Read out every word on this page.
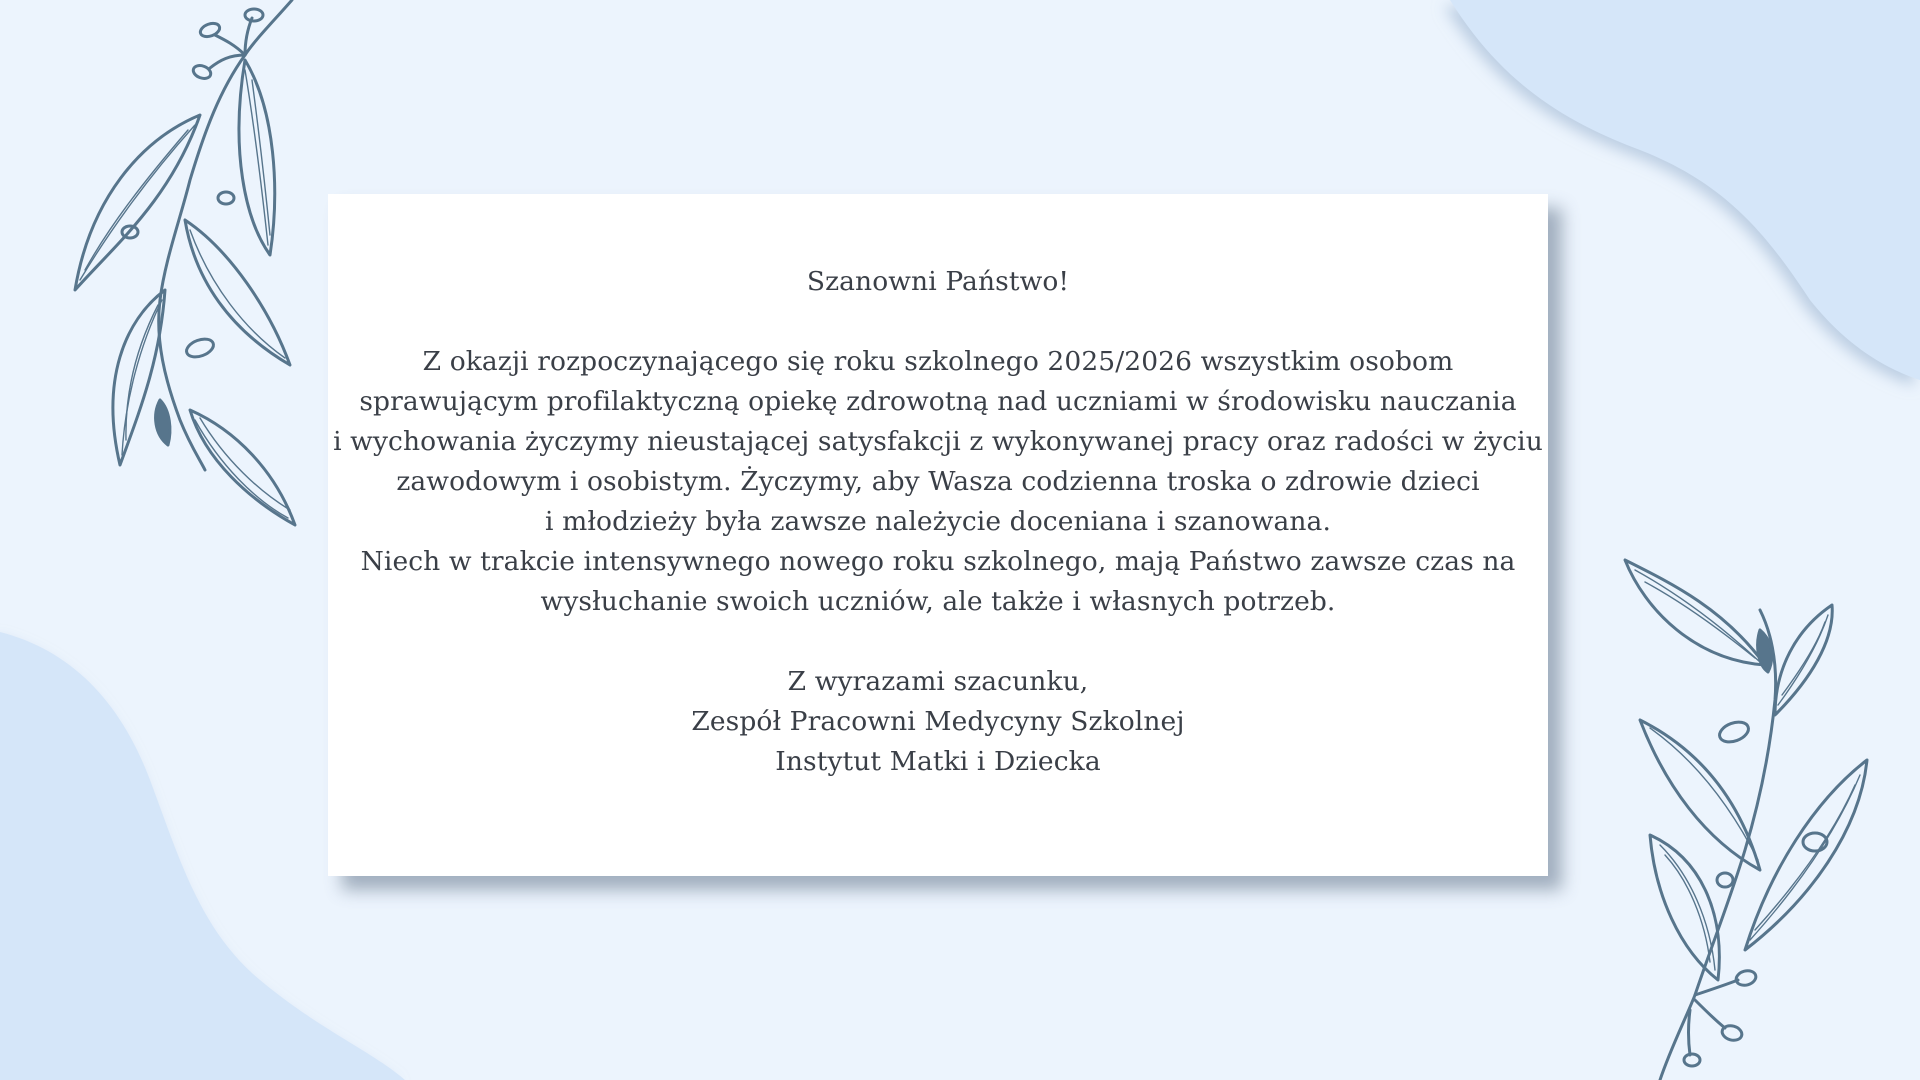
Szanowni Państwo!

Z okazji rozpoczynającego się roku szkolnego 2025/2026 wszystkim osobom

sprawującym profilaktyczną opiekę zdrowotną nad uczniami w środowisku nauczania

i wychowania życzymy nieustającej satysfakcji z wykonywanej pracy oraz radości w życiu

zawodowym i osobistym. Życzymy, aby Wasza codzienna troska o zdrowie dzieci

i młodzieży była zawsze należycie doceniana i szanowana.

Niech w trakcie intensywnego nowego roku szkolnego, mają Państwo zawsze czas na

wysłuchanie swoich uczniów, ale także i własnych potrzeb.

Z wyrazami szacunku,

Zespół Pracowni Medycyny Szkolnej

Instytut Matki i Dziecka
